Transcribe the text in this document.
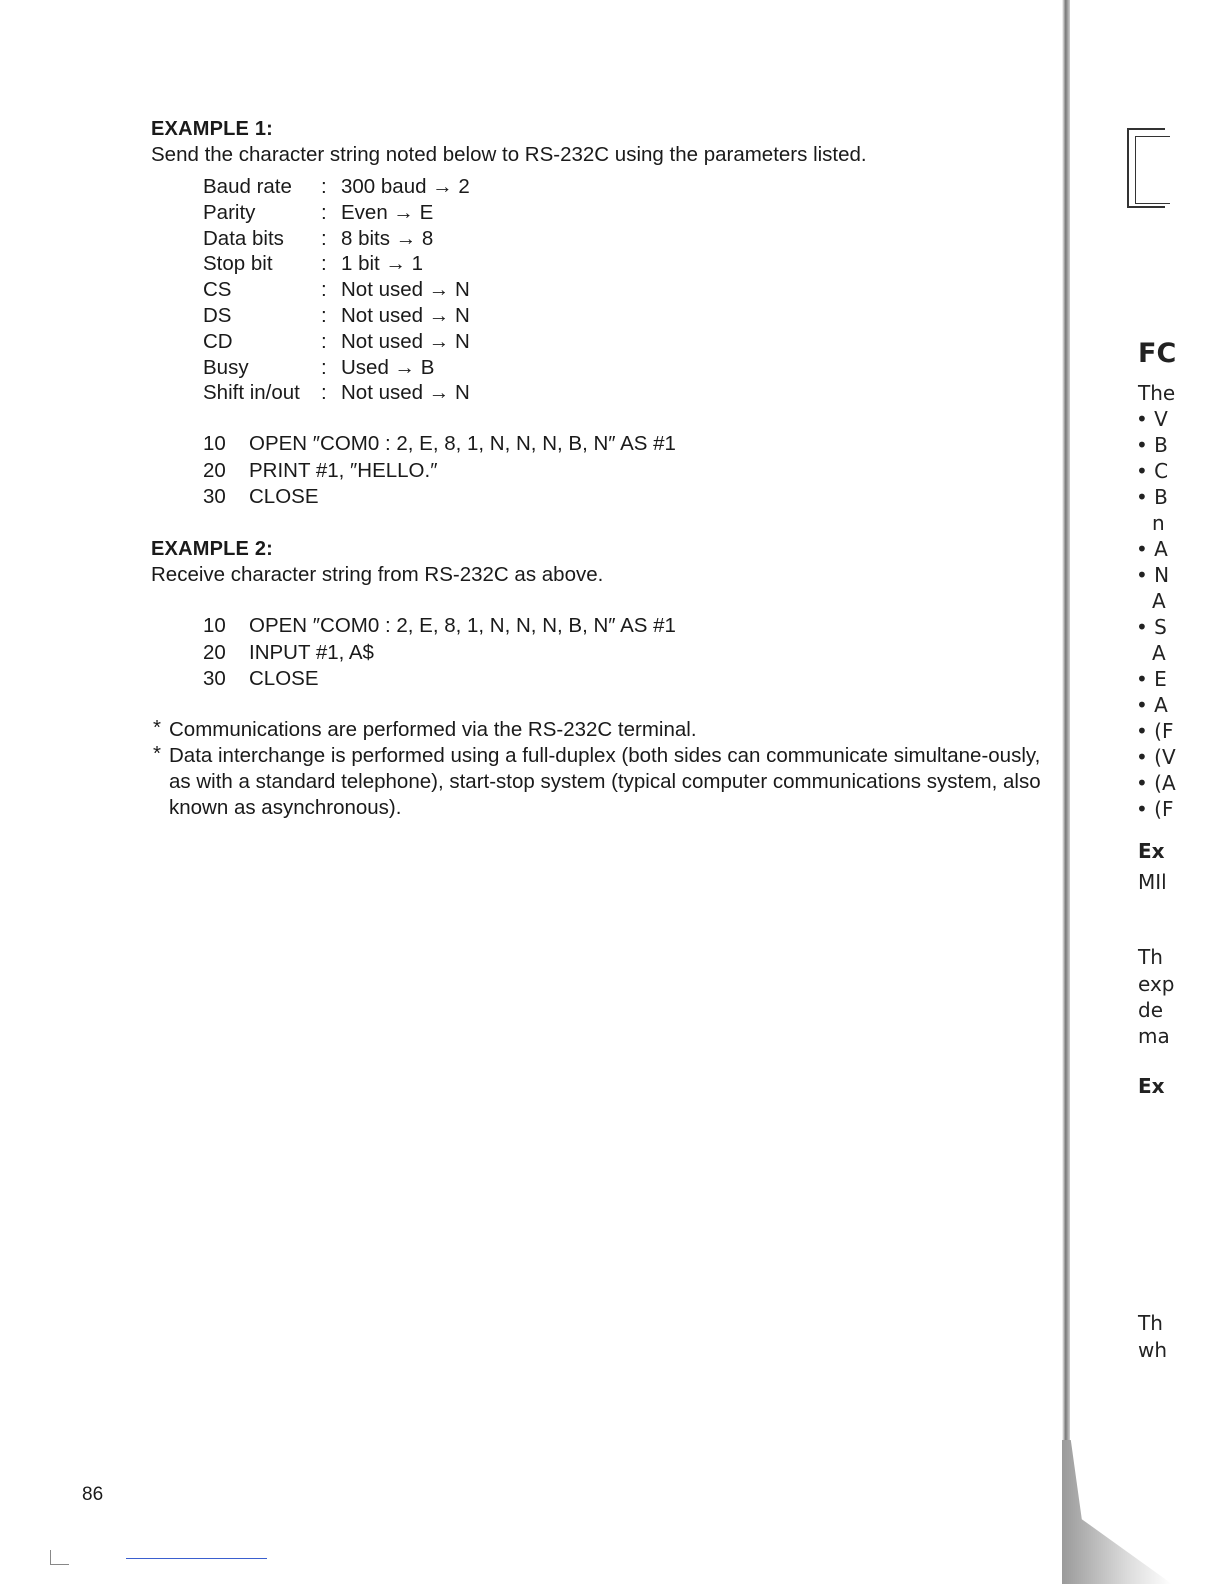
EXAMPLE 1:
Send the character string noted below to RS-232C using the parameters listed.
Baud rate : 300 baud → 2
Parity	: Even → E
Data bits : 8 bits → 8
Stop bit : 1 bit → 1
CS	: Not used → N
DS	: Not used → N
CD	: Not used → N
Busy	: Used → B
Shift in/out : Not used → N
10 OPEN ″COM0 : 2, E, 8, 1, N, N, N, B, N″ AS #1
20 PRINT #1, ″HELLO.″
30 CLOSE
EXAMPLE 2:
Receive character string from RS-232C as above.
10 OPEN ″COM0 : 2, E, 8, 1, N, N, N, B, N″ AS #1
20 INPUT #1, A$
30 CLOSE
* Communications are performed via the RS-232C terminal.
* Data interchange is performed using a full-duplex (both sides can communicate simultane-ously, as with a standard telephone), start-stop system (typical computer communications system, also known as asynchronous).
86
FC
The
• V
• B
• C
• B
n
• A
• N
A
• S
A
• E
• A
• (F
• (V
• (A
• (F
Ex
MIl
Th
exp
de
ma
Ex
Th
wh
